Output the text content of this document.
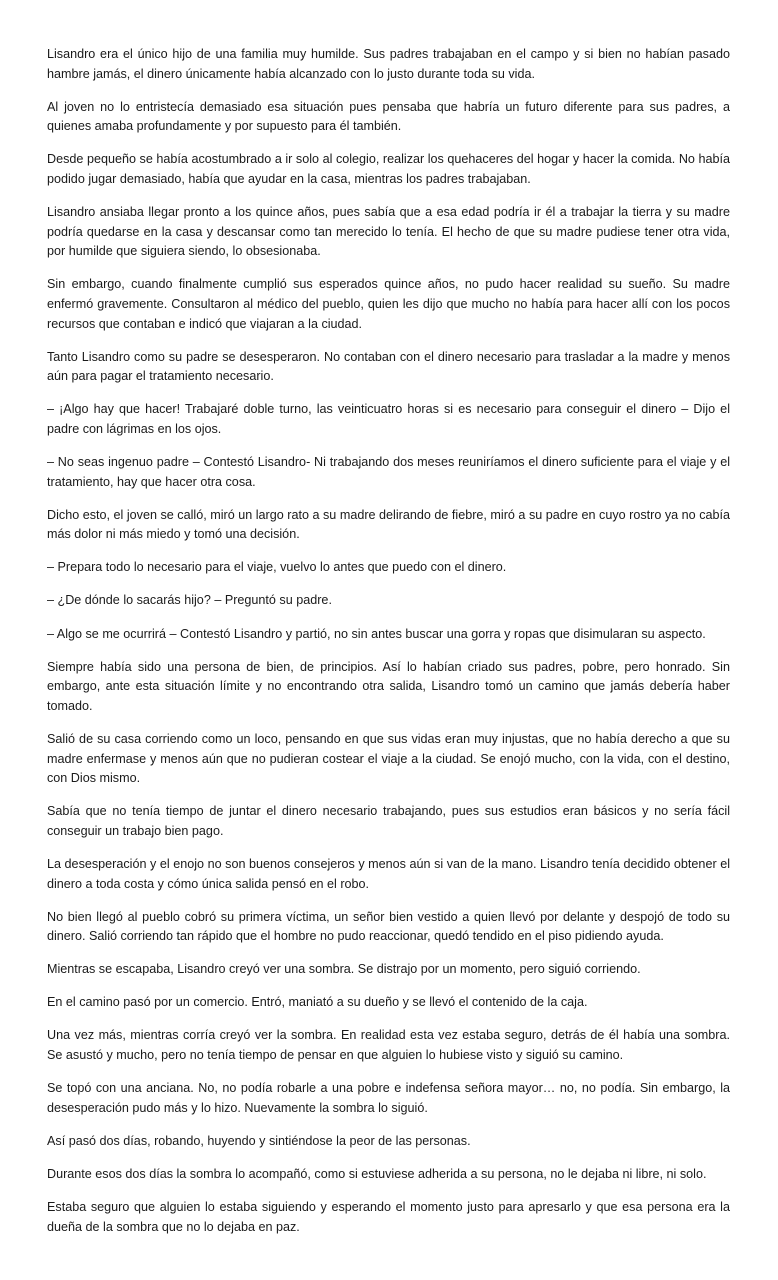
Lisandro era el único hijo de una familia muy humilde. Sus padres trabajaban en el campo y si bien no habían pasado hambre jamás, el dinero únicamente había alcanzado con lo justo durante toda su vida.

Al joven no lo entristecía demasiado esa situación pues pensaba que habría un futuro diferente para sus padres, a quienes amaba profundamente y por supuesto para él también.

Desde pequeño se había acostumbrado a ir solo al colegio, realizar los quehaceres del hogar y hacer la comida. No había podido jugar demasiado, había que ayudar en la casa, mientras los padres trabajaban.

Lisandro ansiaba llegar pronto a los quince años, pues sabía que a esa edad podría ir él a trabajar la tierra y su madre podría quedarse en la casa y descansar como tan merecido lo tenía. El hecho de que su madre pudiese tener otra vida, por humilde que siguiera siendo, lo obsesionaba.

Sin embargo, cuando finalmente cumplió sus esperados quince años, no pudo hacer realidad su sueño. Su madre enfermó gravemente. Consultaron al médico del pueblo, quien les dijo que mucho no había para hacer allí con los pocos recursos que contaban e indicó que viajaran a la ciudad.

Tanto Lisandro como su padre se desesperaron. No contaban con el dinero necesario para trasladar a la madre y menos aún para pagar el tratamiento necesario.

– ¡Algo hay que hacer! Trabajaré doble turno, las veinticuatro horas si es necesario para conseguir el dinero – Dijo el padre con lágrimas en los ojos.

– No seas ingenuo padre – Contestó Lisandro- Ni trabajando dos meses reuniríamos el dinero suficiente para el viaje y el tratamiento, hay que hacer otra cosa.

Dicho esto, el joven se calló, miró un largo rato a su madre delirando de fiebre, miró a su padre en cuyo rostro ya no cabía más dolor ni más miedo y tomó una decisión.

– Prepara todo lo necesario para el viaje, vuelvo lo antes que puedo con el dinero.

– ¿De dónde lo sacarás hijo? – Preguntó su padre.

– Algo se me ocurrirá – Contestó Lisandro y partió, no sin antes buscar una gorra y ropas que disimularan su aspecto.

Siempre había sido una persona de bien, de principios. Así lo habían criado sus padres, pobre, pero honrado. Sin embargo, ante esta situación límite y no encontrando otra salida, Lisandro tomó un camino que jamás debería haber tomado.

Salió de su casa corriendo como un loco, pensando en que sus vidas eran muy injustas, que no había derecho a que su madre enfermase y menos aún que no pudieran costear el viaje a la ciudad. Se enojó mucho, con la vida, con el destino, con Dios mismo.

Sabía que no tenía tiempo de juntar el dinero necesario trabajando, pues sus estudios eran básicos y no sería fácil conseguir un trabajo bien pago.

La desesperación y el enojo no son buenos consejeros y menos aún si van de la mano. Lisandro tenía decidido obtener el dinero a toda costa y cómo única salida pensó en el robo.

No bien llegó al pueblo cobró su primera víctima, un señor bien vestido a quien llevó por delante y despojó de todo su dinero. Salió corriendo tan rápido que el hombre no pudo reaccionar, quedó tendido en el piso pidiendo ayuda.

Mientras se escapaba, Lisandro creyó ver una sombra. Se distrajo por un momento, pero siguió corriendo.

En el camino pasó por un comercio. Entró, maniató a su dueño y se llevó el contenido de la caja.

Una vez más, mientras corría creyó ver la sombra. En realidad esta vez estaba seguro, detrás de él había una sombra. Se asustó y mucho, pero no tenía tiempo de pensar en que alguien lo hubiese visto y siguió su camino.

Se topó con una anciana. No, no podía robarle a una pobre e indefensa señora mayor… no, no podía. Sin embargo, la desesperación pudo más y lo hizo. Nuevamente la sombra lo siguió.

Así pasó dos días, robando, huyendo y sintiéndose la peor de las personas.

Durante esos dos días la sombra lo acompañó, como si estuviese adherida a su persona, no le dejaba ni libre, ni solo.

Estaba seguro que alguien lo estaba siguiendo y esperando el momento justo para apresarlo y que esa persona era la dueña de la sombra que no lo dejaba en paz.
